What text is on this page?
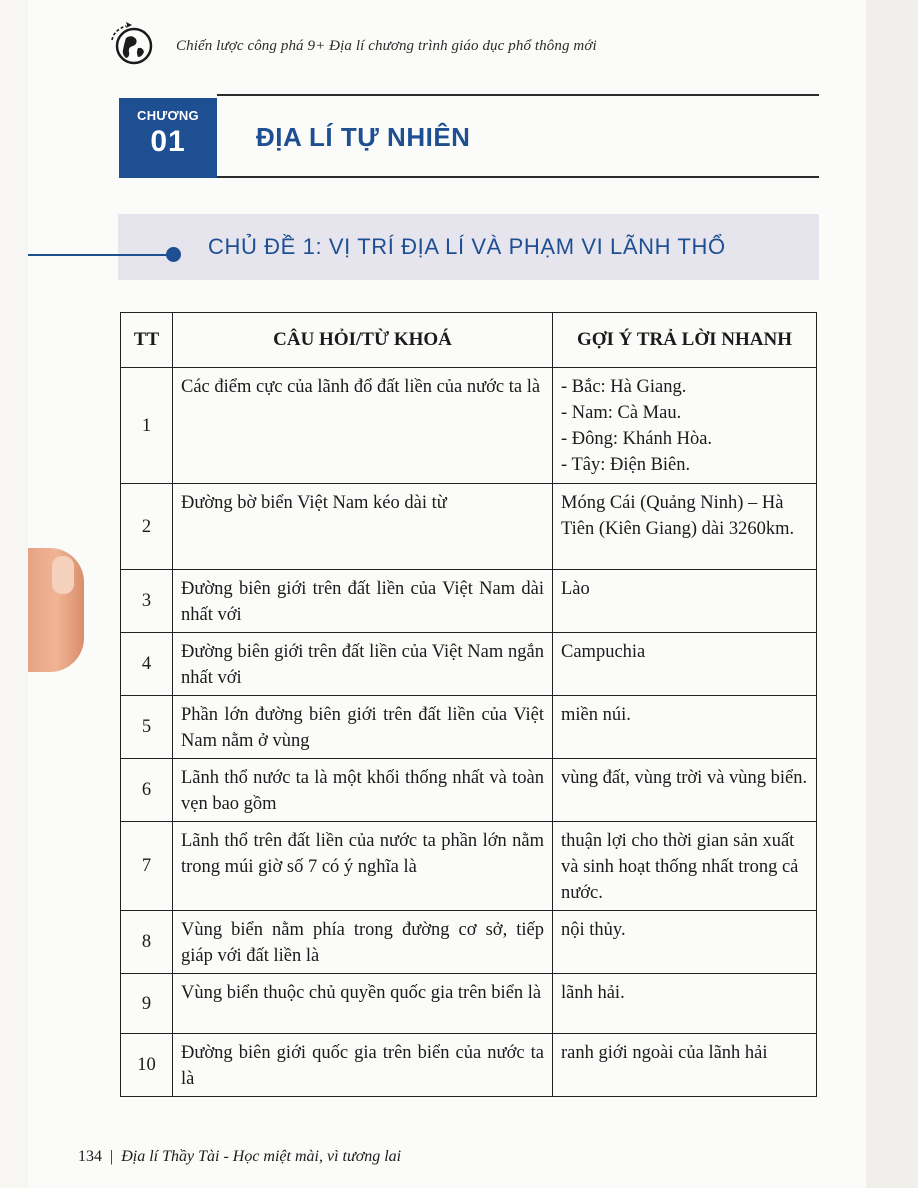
Chiến lược công phá 9+ Địa lí chương trình giáo dục phổ thông mới
CHƯƠNG
01	ĐỊA LÍ TỰ NHIÊN
CHỦ ĐỀ 1: VỊ TRÍ ĐỊA LÍ VÀ PHẠM VI LÃNH THỔ
TT	CÂU HỎI/TỪ KHOÁ	GỢI Ý TRẢ LỜI NHANH
1	Các điểm cực của lãnh đổ đất liền của nước ta là	- Bắc: Hà Giang.
- Nam: Cà Mau.
- Đông: Khánh Hòa.
- Tây: Điện Biên.

2	Đường bờ biển Việt Nam kéo dài từ	Móng Cái (Quảng Ninh) – Hà Tiên (Kiên Giang) dài 3260km.

3	Đường biên giới trên đất liền của Việt Nam dài nhất với	Lào

4	Đường biên giới trên đất liền của Việt Nam ngắn nhất với	Campuchia

5	Phần lớn đường biên giới trên đất liền của Việt Nam nằm ở vùng	miền núi.

6	Lãnh thổ nước ta là một khối thống nhất và toàn vẹn bao gồm	vùng đất, vùng trời và vùng biển.

7	Lãnh thổ trên đất liền của nước ta phần lớn nằm trong múi giờ số 7 có ý nghĩa là	thuận lợi cho thời gian sản xuất và sinh hoạt thống nhất trong cả nước.

8	Vùng biển nằm phía trong đường cơ sở, tiếp giáp với đất liền là	nội thủy.

9	Vùng biển thuộc chủ quyền quốc gia trên biển là	lãnh hải.

10	Đường biên giới quốc gia trên biển của nước ta là	ranh giới ngoài của lãnh hải
134 | Địa lí Thầy Tài - Học miệt mài, vì tương lai
